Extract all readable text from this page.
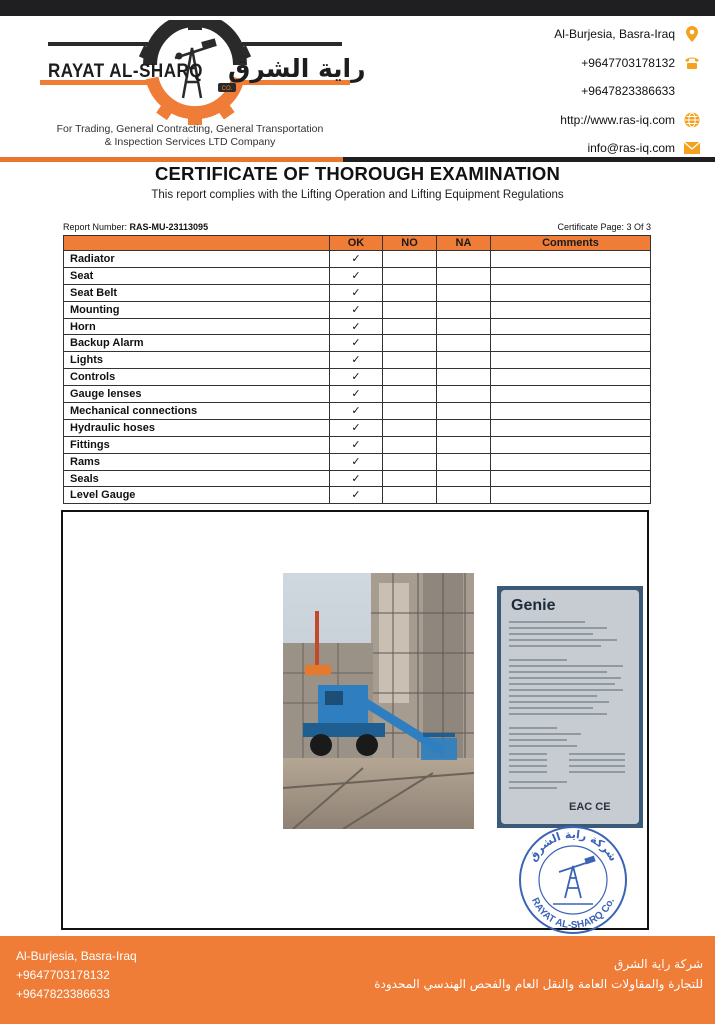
CO.
RAYAT AL-SHARQ راية الشرق
For Trading, General Contracting, General Transportation
& Inspection Services LTD Company
Al-Burjesia, Basra-Iraq
+9647703178132
+9647823386633
http://www.ras-iq.com
info@ras-iq.com
CERTIFICATE OF THOROUGH EXAMINATION
This report complies with the Lifting Operation and Lifting Equipment Regulations
Report Number: RAS-MU-23113095	Certificate Page: 3 Of 3
	OK	NO	NA	Comments
Radiator	✓			
Seat	✓			
Seat Belt	✓			
Mounting	✓			
Horn	✓			
Backup Alarm	✓			
Lights	✓			
Controls	✓			
Gauge lenses	✓			
Mechanical connections	✓			
Hydraulic hoses	✓			
Fittings	✓			
Rams	✓			
Seals	✓			
Level Gauge	✓			
Genie
EAC CE
شركة راية الشرق
RAYAT AL-SHARQ Co.
Al-Burjesia, Basra-Iraq
+9647703178132
+9647823386633
شركة راية الشرق
للتجارة والمقاولات العامة والنقل العام والفحص الهندسي المحدودة
